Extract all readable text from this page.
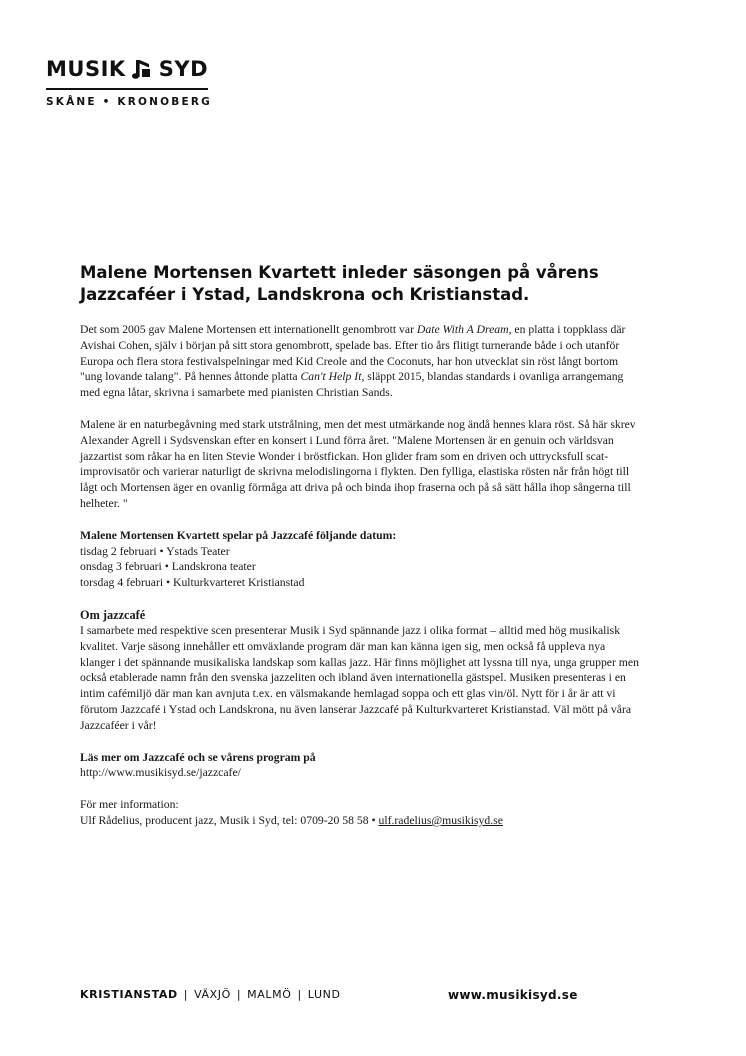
MUSIK SYD
SKÅNE • KRONOBERG
Malene Mortensen Kvartett inleder säsongen på vårens Jazzcaféer i Ystad, Landskrona och Kristianstad.

Det som 2005 gav Malene Mortensen ett internationellt genombrott var Date With A Dream, en platta i toppklass där Avishai Cohen, själv i början på sitt stora genombrott, spelade bas. Efter tio års flitigt turnerande både i och utanför Europa och flera stora festivalspelningar med Kid Creole and the Coconuts, har hon utvecklat sin röst långt bortom "ung lovande talang". På hennes åttonde platta Can't Help It, släppt 2015, blandas standards i ovanliga arrangemang med egna låtar, skrivna i samarbete med pianisten Christian Sands.

Malene är en naturbegåvning med stark utstrålning, men det mest utmärkande nog ändå hennes klara röst. Så här skrev Alexander Agrell i Sydsvenskan efter en konsert i Lund förra året. "Malene Mortensen är en genuin och världsvan jazzartist som råkar ha en liten Stevie Wonder i bröstfickan. Hon glider fram som en driven och uttrycksfull scat-improvisatör och varierar naturligt de skrivna melodislingorna i flykten. Den fylliga, elastiska rösten når från högt till lågt och Mortensen äger en ovanlig förmåga att driva på och binda ihop fraserna och på så sätt hålla ihop sångerna till helheter. "

Malene Mortensen Kvartett spelar på Jazzcafé följande datum:

tisdag 2 februari • Ystads Teater

onsdag 3 februari • Landskrona teater

torsdag 4 februari • Kulturkvarteret Kristianstad

Om jazzcafé

I samarbete med respektive scen presenterar Musik i Syd spännande jazz i olika format – alltid med hög musikalisk kvalitet. Varje säsong innehåller ett omväxlande program där man kan känna igen sig, men också få uppleva nya klanger i det spännande musikaliska landskap som kallas jazz. Här finns möjlighet att lyssna till nya, unga grupper men också etablerade namn från den svenska jazzeliten och ibland även internationella gästspel. Musiken presenteras i en intim cafémiljö där man kan avnjuta t.ex. en välsmakande hemlagad soppa och ett glas vin/öl. Nytt för i år är att vi förutom Jazzcafé i Ystad och Landskrona, nu även lanserar Jazzcafé på Kulturkvarteret Kristianstad. Väl mött på våra Jazzcaféer i vår!

Läs mer om Jazzcafé och se vårens program på

http://www.musikisyd.se/jazzcafe/

För mer information:

Ulf Rådelius, producent jazz, Musik i Syd, tel: 0709-20 58 58 • ulf.radelius@musikisyd.se

KRISTIANSTAD | VÄXJÖ | MALMÖ | LUND	www.musikisyd.se
